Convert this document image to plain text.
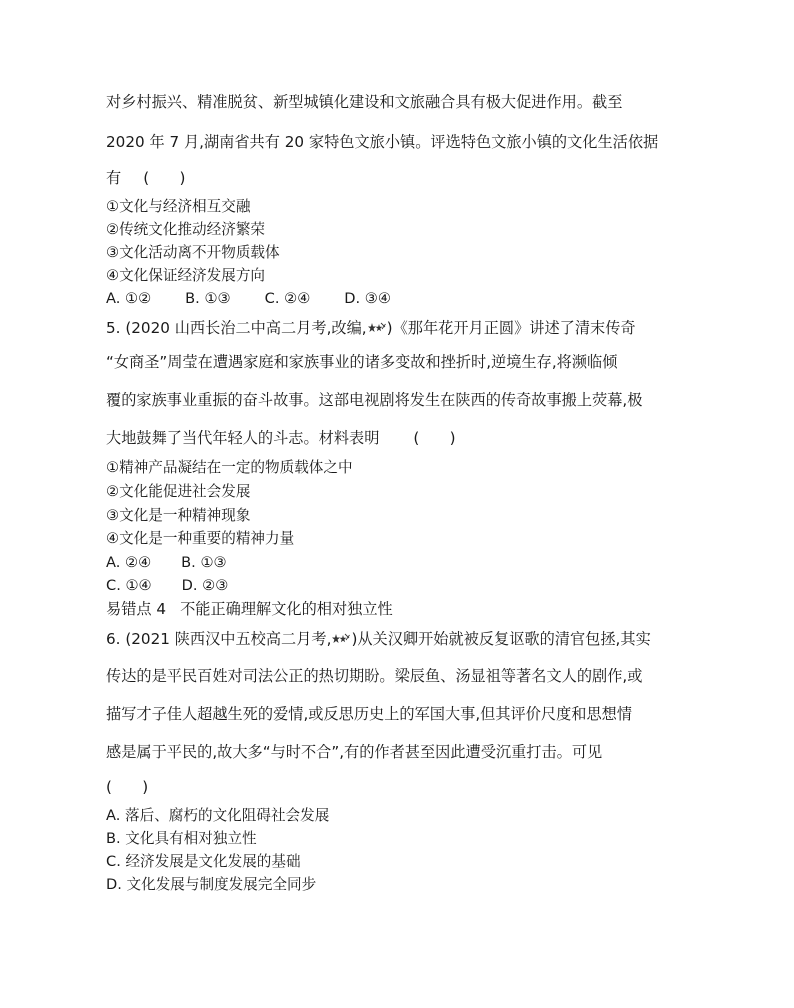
对乡村振兴、精准脱贫、新型城镇化建设和文旅融合具有极大促进作用。截至
2020 年 7 月,湖南省共有 20 家特色文旅小镇。评选特色文旅小镇的文化生活依据
有 (　　)
①文化与经济相互交融
②传统文化推动经济繁荣
③文化活动离不开物质载体
④文化保证经济发展方向
A. ①② B. ①③ C. ②④ D. ③④
5. (2020 山西长治二中高二月考,改编, )《那年花开月正圆》讲述了清末传奇
“女商圣”周莹在遭遇家庭和家族事业的诸多变故和挫折时,逆境生存,将濒临倾
覆的家族事业重振的奋斗故事。这部电视剧将发生在陕西的传奇故事搬上荧幕,极
大地鼓舞了当代年轻人的斗志。材料表明 (　　)
①精神产品凝结在一定的物质载体之中
②文化能促进社会发展
③文化是一种精神现象
④文化是一种重要的精神力量
A. ②④ B. ①③
C. ①④ D. ②③
易错点 4 不能正确理解文化的相对独立性
6. (2021 陕西汉中五校高二月考, )从关汉卿开始就被反复讴歌的清官包拯,其实
传达的是平民百姓对司法公正的热切期盼。梁辰鱼、汤显祖等著名文人的剧作,或
描写才子佳人超越生死的爱情,或反思历史上的军国大事,但其评价尺度和思想情
感是属于平民的,故大多“与时不合”,有的作者甚至因此遭受沉重打击。可见
(　　)
A. 落后、腐朽的文化阻碍社会发展
B. 文化具有相对独立性
C. 经济发展是文化发展的基础
D. 文化发展与制度发展完全同步
